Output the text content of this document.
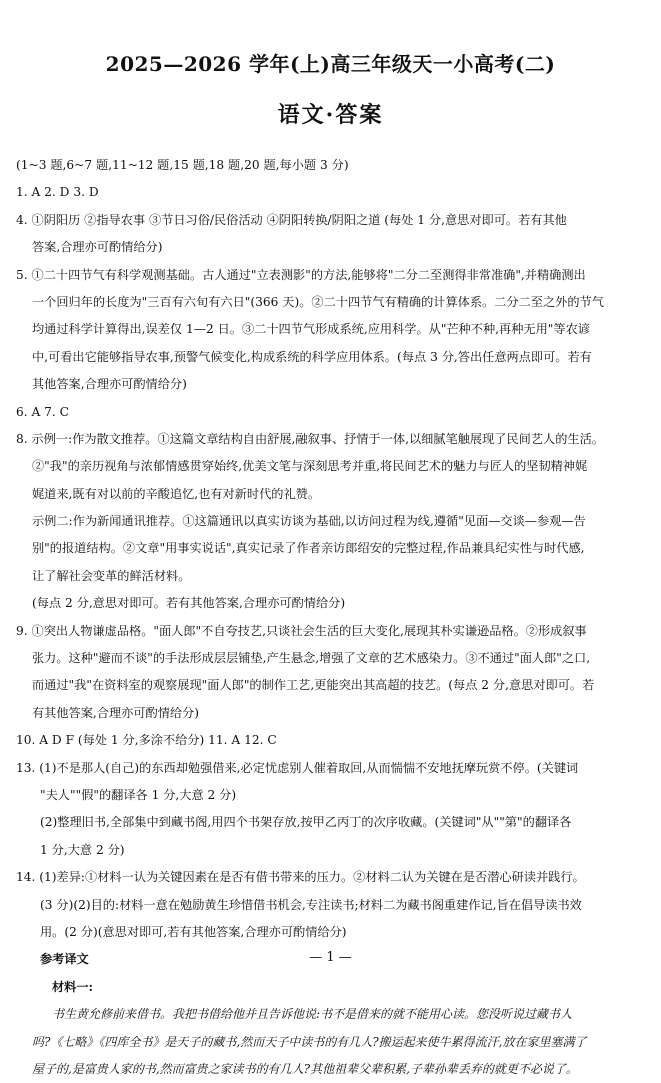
2025—2026 学年(上)高三年级天一小高考(二)
语文·答案
(1~3 题,6~7 题,11~12 题,15 题,18 题,20 题,每小题 3 分)
1. A 2. D 3. D
4. ①阴阳历 ②指导农事 ③节日习俗/民俗活动 ④阴阳转换/阴阳之道 (每处 1 分,意思对即可。若有其他
答案,合理亦可酌情给分)
5. ①二十四节气有科学观测基础。古人通过"立表测影"的方法,能够将"二分二至测得非常准确",并精确测出
一个回归年的长度为"三百有六旬有六日"(366 天)。②二十四节气有精确的计算体系。二分二至之外的节气
均通过科学计算得出,误差仅 1—2 日。③二十四节气形成系统,应用科学。从"芒种不种,再种无用"等农谚
中,可看出它能够指导农事,预警气候变化,构成系统的科学应用体系。(每点 3 分,答出任意两点即可。若有
其他答案,合理亦可酌情给分)
6. A 7. C
8. 示例一:作为散文推荐。①这篇文章结构自由舒展,融叙事、抒情于一体,以细腻笔触展现了民间艺人的生活。
②"我"的亲历视角与浓郁情感贯穿始终,优美文笔与深刻思考并重,将民间艺术的魅力与匠人的坚韧精神娓
娓道来,既有对以前的辛酸追忆,也有对新时代的礼赞。
示例二:作为新闻通讯推荐。①这篇通讯以真实访谈为基础,以访问过程为线,遵循"见面—交谈—参观—告
别"的报道结构。②文章"用事实说话",真实记录了作者亲访郎绍安的完整过程,作品兼具纪实性与时代感,
让了解社会变革的鲜活材料。
(每点 2 分,意思对即可。若有其他答案,合理亦可酌情给分)
9. ①突出人物谦虚品格。"面人郎"不自夸技艺,只谈社会生活的巨大变化,展现其朴实谦逊品格。②形成叙事
张力。这种"避而不谈"的手法形成层层铺垫,产生悬念,增强了文章的艺术感染力。③不通过"面人郎"之口,
而通过"我"在资料室的观察展现"面人郎"的制作工艺,更能突出其高超的技艺。(每点 2 分,意思对即可。若
有其他答案,合理亦可酌情给分)
10. A D F (每处 1 分,多涂不给分) 11. A 12. C
13. (1)不是那人(自己)的东西却勉强借来,必定忧虑别人催着取回,从而惴惴不安地抚摩玩赏不停。(关键词
"夫人""假"的翻译各 1 分,大意 2 分)
(2)整理旧书,全部集中到藏书阁,用四个书架存放,按甲乙丙丁的次序收藏。(关键词"从""第"的翻译各
1 分,大意 2 分)
14. (1)差异:①材料一认为关键因素在是否有借书带来的压力。②材料二认为关键在是否潜心研读并践行。
(3 分)(2)目的:材料一意在勉励黄生珍惜借书机会,专注读书;材料二为藏书阁重建作记,旨在倡导读书效
用。(2 分)(意思对即可,若有其他答案,合理亦可酌情给分)
参考译文
材料一:
书生黄允修前来借书。我把书借给他并且告诉他说:书不是借来的就不能用心读。您没听说过藏书人
吗?《七略》《四库全书》是天子的藏书,然而天子中读书的有几人?搬运起来使牛累得流汗,放在家里塞满了
屋子的,是富贵人家的书,然而富贵之家读书的有几人?其他祖辈父辈积累,子辈孙辈丢弃的就更不必说了。
— 1 —
